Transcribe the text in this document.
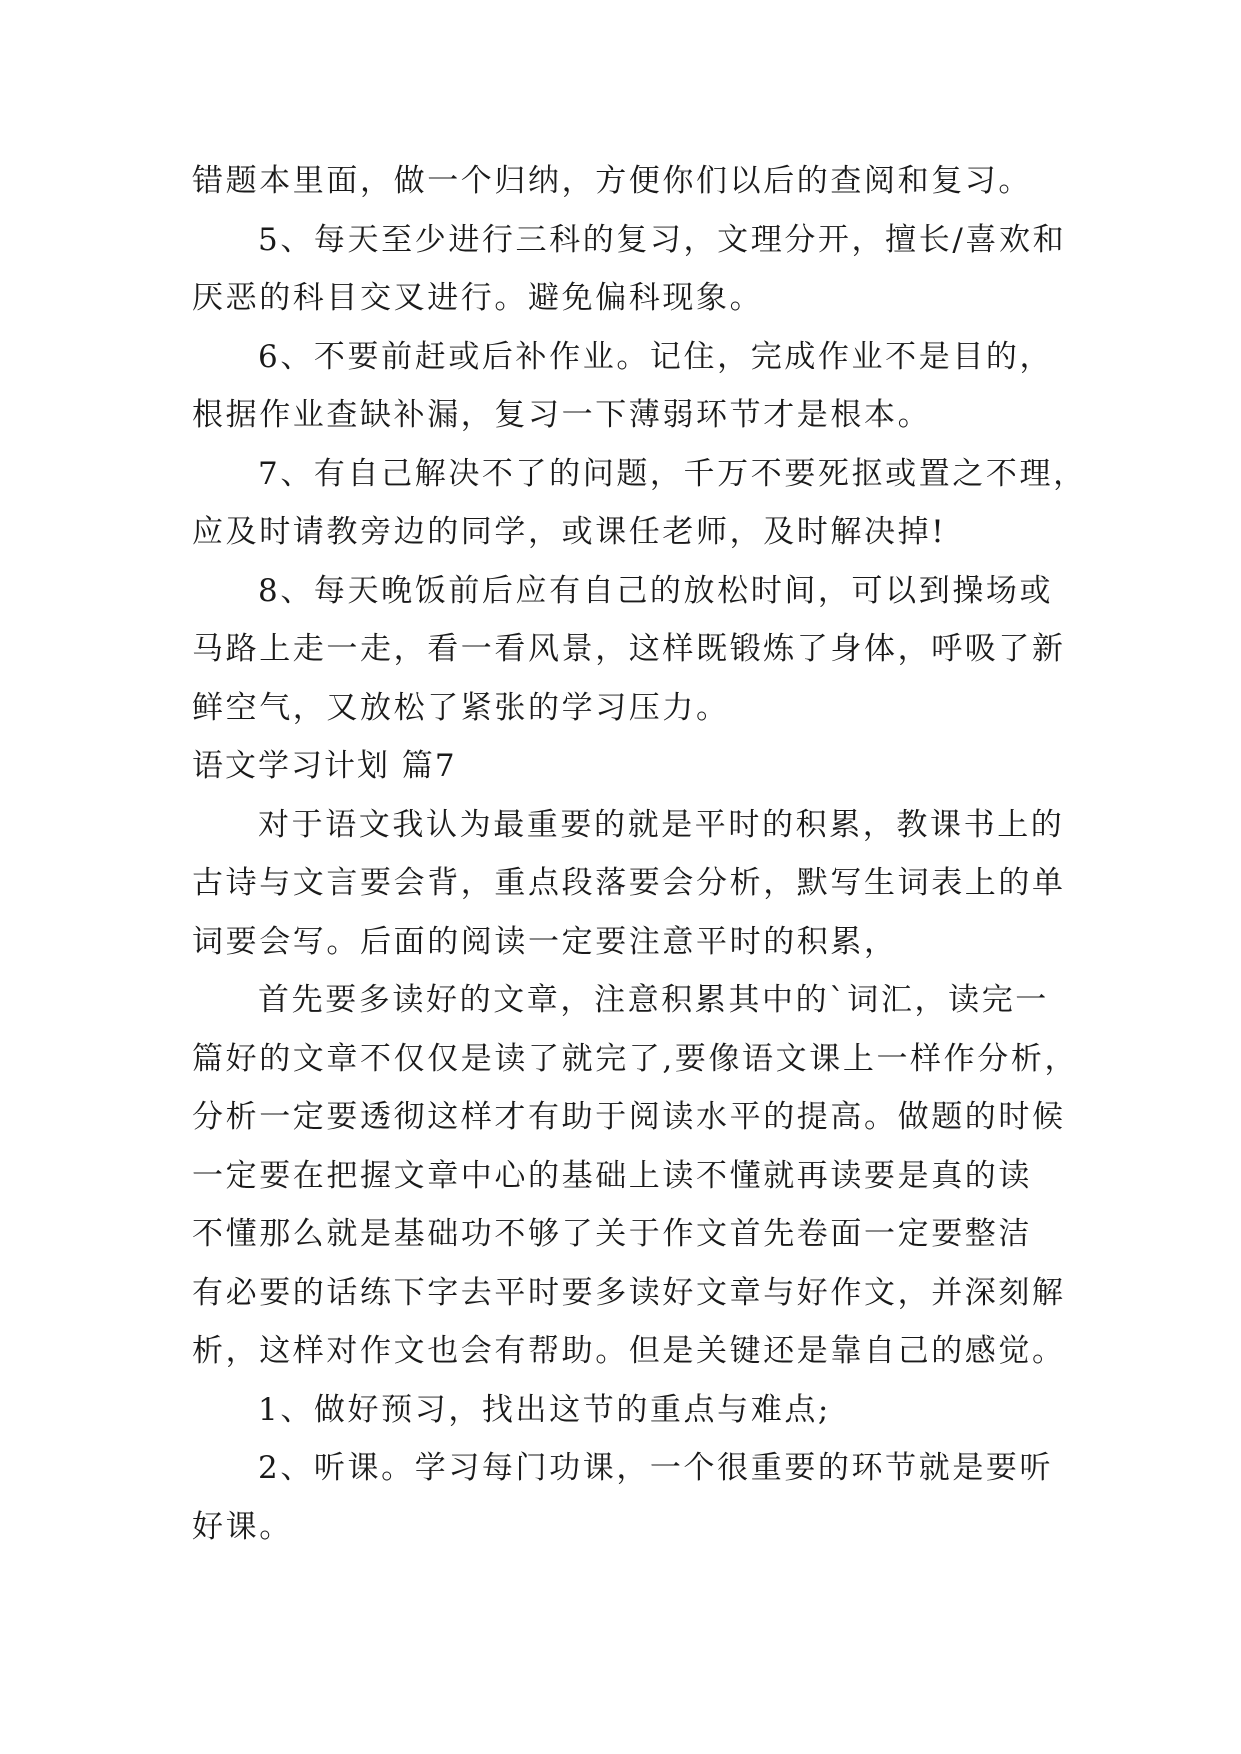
错题本里面，做一个归纳，方便你们以后的查阅和复习。
5、每天至少进行三科的复习，文理分开，擅长/喜欢和
厌恶的科目交叉进行。避免偏科现象。
6、不要前赶或后补作业。记住，完成作业不是目的，
根据作业查缺补漏，复习一下薄弱环节才是根本。
7、有自己解决不了的问题，千万不要死抠或置之不理，
应及时请教旁边的同学，或课任老师，及时解决掉!
8、每天晚饭前后应有自己的放松时间，可以到操场或
马路上走一走，看一看风景，这样既锻炼了身体，呼吸了新
鲜空气，又放松了紧张的学习压力。
语文学习计划 篇7
对于语文我认为最重要的就是平时的积累，教课书上的
古诗与文言要会背，重点段落要会分析，默写生词表上的单
词要会写。后面的阅读一定要注意平时的积累，
首先要多读好的文章，注意积累其中的`词汇，读完一
篇好的文章不仅仅是读了就完了,要像语文课上一样作分析，
分析一定要透彻这样才有助于阅读水平的提高。做题的时候
一定要在把握文章中心的基础上读不懂就再读要是真的读
不懂那么就是基础功不够了关于作文首先卷面一定要整洁
有必要的话练下字去平时要多读好文章与好作文，并深刻解
析，这样对作文也会有帮助。但是关键还是靠自己的感觉。
1、做好预习，找出这节的重点与难点;
2、听课。学习每门功课，一个很重要的环节就是要听
好课。
